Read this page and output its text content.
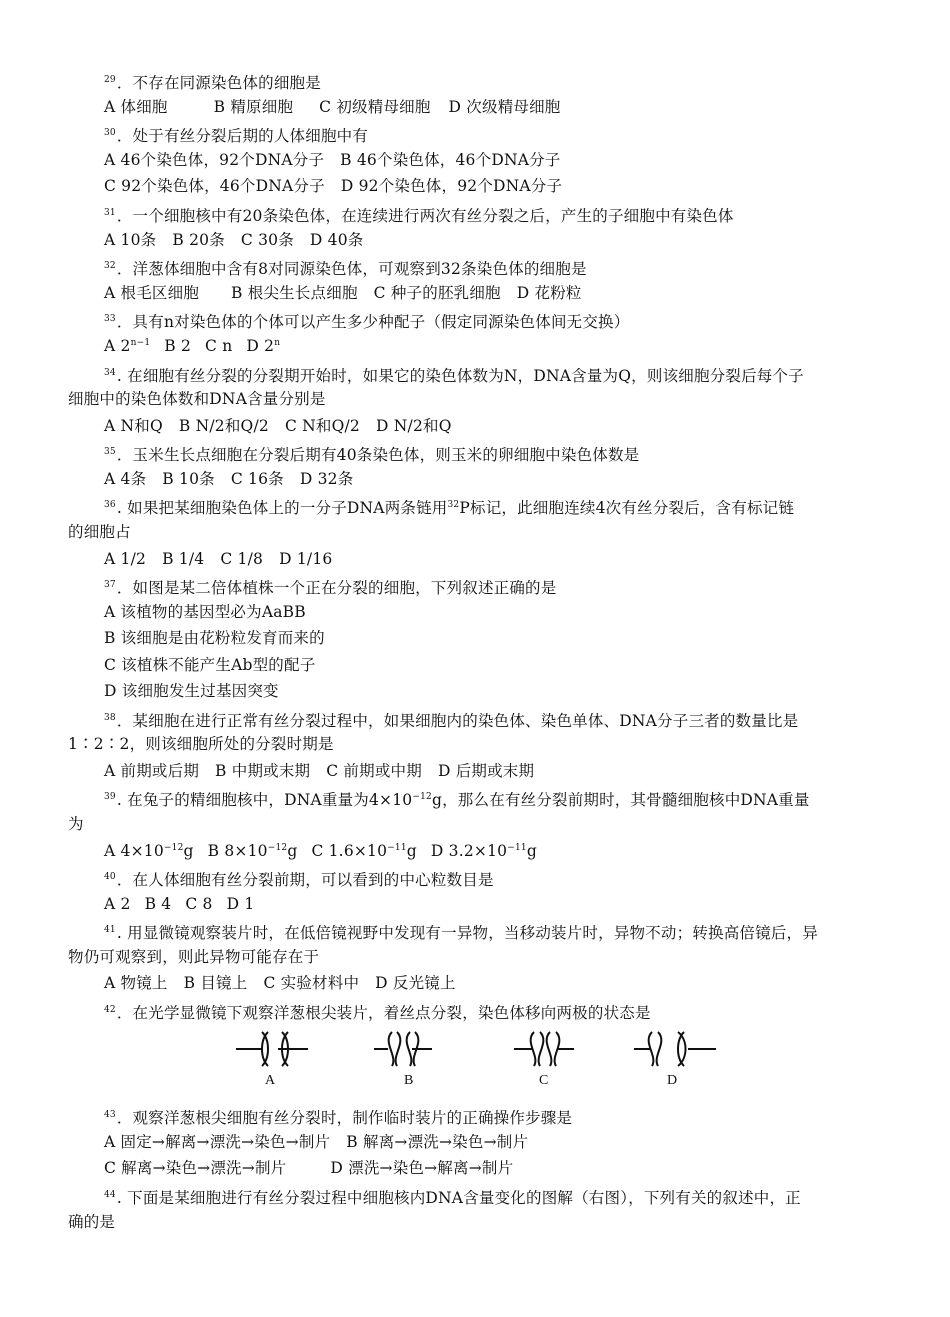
$^{29}$．不存在同源染色体的细胞是
A 体细胞	B 精原细胞 C 初级精母细胞 D 次级精母细胞
$^{30}$．处于有丝分裂后期的人体细胞中有
A 46个染色体，92个DNA分子 B 46个染色体，46个DNA分子
C 92个染色体，46个DNA分子 D 92个染色体，92个DNA分子
$^{31}$．一个细胞核中有20条染色体，在连续进行两次有丝分裂之后，产生的子细胞中有染色体
A 10条 B 20条 C 30条 D 40条
$^{32}$．洋葱体细胞中含有8对同源染色体，可观察到32条染色体的细胞是
A 根毛区细胞 B 根尖生长点细胞 C 种子的胚乳细胞 D 花粉粒
$^{33}$．具有n对染色体的个体可以产生多少种配子（假定同源染色体间无交换）
A $2^{n-1}$ B 2 C n D 2$^n$
$^{34}$. 在细胞有丝分裂的分裂期开始时，如果它的染色体数为N，DNA含量为Q，则该细胞分裂后每个子
细胞中的染色体数和DNA含量分别是
A N和Q B N/2和Q/2 C N和Q/2 D N/2和Q
$^{35}$．玉米生长点细胞在分裂后期有40条染色体，则玉米的卵细胞中染色体数是
A 4条 B 10条 C 16条 D 32条
$^{36}$. 如果把某细胞染色体上的一分子DNA两条链用$^{32}$P标记，此细胞连续4次有丝分裂后，含有标记链
的细胞占
A 1/2 B 1/4 C 1/8 D 1/16
$^{37}$．如图是某二倍体植株一个正在分裂的细胞，下列叙述正确的是
A 该植物的基因型必为AaBB
B 该细胞是由花粉粒发育而来的
C 该植株不能产生Ab型的配子
D 该细胞发生过基因突变
$^{38}$．某细胞在进行正常有丝分裂过程中，如果细胞内的染色体、染色单体、DNA分子三者的数量比是
1∶2∶2，则该细胞所处的分裂时期是
A 前期或后期 B 中期或末期 C 前期或中期 D 后期或末期
$^{39}$. 在兔子的精细胞核中，DNA重量为$4\times 10^{-12}g$，那么在有丝分裂前期时，其骨髓细胞核中DNA重量
为
A $4\times 10^{-12}g$ B $8\times 10^{-12}g$ C $1.6\times 10^{-11}g$ D $3.2\times 10^{-11}g$
$^{40}$．在人体细胞有丝分裂前期，可以看到的中心粒数目是
A 2 B 4 C 8 D 1
$^{41}$. 用显微镜观察装片时，在低倍镜视野中发现有一异物，当移动装片时，异物不动；转换高倍镜后，异
物仍可观察到，则此异物可能存在于
A 物镜上 B 目镜上 C 实验材料中 D 反光镜上
$^{42}$．在光学显微镜下观察洋葱根尖装片，着丝点分裂，染色体移向两极的状态是
A	B	C	D
$^{43}$．观察洋葱根尖细胞有丝分裂时，制作临时装片的正确操作步骤是
A 固定→解离→漂洗→染色→制片 B 解离→漂洗→染色→制片
C 解离→染色→漂洗→制片	D 漂洗→染色→解离→制片
$^{44}$. 下面是某细胞进行有丝分裂过程中细胞核内DNA含量变化的图解（右图），下列有关的叙述中，正
确的是
